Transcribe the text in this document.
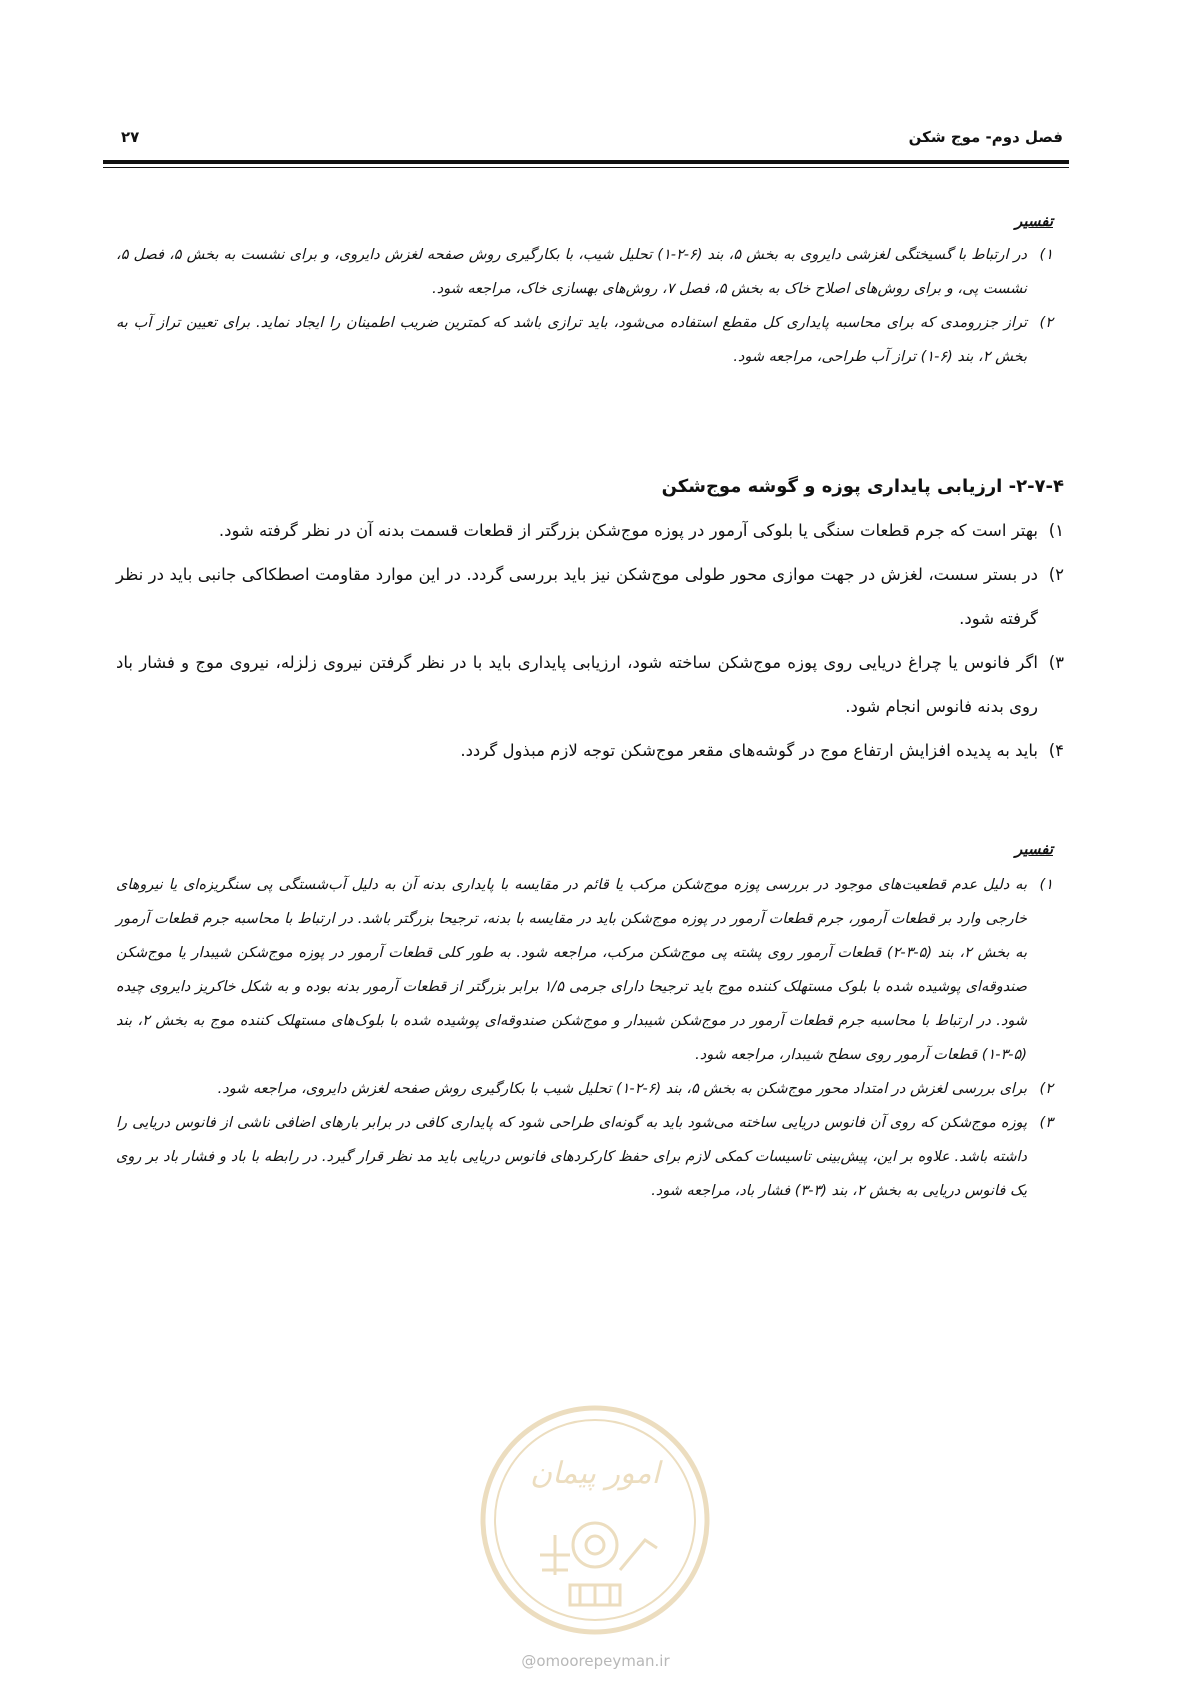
فصل دوم- موج شکن
۲۷

تفسیر

۱)
در ارتباط با گسیختگی لغزشی دایروی به بخش ۵، بند (۶-۲-۱) تحلیل شیب، با بکارگیری روش صفحه لغزش دایروی، و برای نشست به بخش ۵، فصل ۵، نشست پی، و برای روش‌های اصلاح خاک به بخش ۵، فصل ۷، روش‌های بهسازی خاک، مراجعه شود.
۲)
تراز جزرومدی که برای محاسبه پایداری کل مقطع استفاده می‌شود، باید ترازی باشد که کمترین ضریب اطمینان را ایجاد نماید. برای تعیین تراز آب به بخش ۲، بند (۶-۱) تراز آب طراحی، مراجعه شود.
۲-۷-۴- ارزیابی پایداری پوزه و گوشه موج‌شکن
۱)
بهتر است که جرم قطعات سنگی یا بلوکی آرمور در پوزه موج‌شکن بزرگتر از قطعات قسمت بدنه آن در نظر گرفته شود.
۲)
در بستر سست، لغزش در جهت موازی محور طولی موج‌شکن نیز باید بررسی گردد. در این موارد مقاومت اصطکاکی جانبی باید در نظر گرفته شود.
۳)
اگر فانوس یا چراغ دریایی روی پوزه موج‌شکن ساخته شود، ارزیابی پایداری باید با در نظر گرفتن نیروی زلزله، نیروی موج و فشار باد روی بدنه فانوس انجام شود.
۴)
باید به پدیده افزایش ارتفاع موج در گوشه‌های مقعر موج‌شکن توجه لازم مبذول گردد.

تفسیر

۱)
به دلیل عدم قطعیت‌های موجود در بررسی پوزه موج‌شکن مرکب یا قائم در مقایسه با پایداری بدنه آن به دلیل آب‌شستگی پی سنگریزه‌ای یا نیروهای خارجی وارد بر قطعات آرمور، جرم قطعات آرمور در پوزه موج‌شکن باید در مقایسه با بدنه، ترجیحا بزرگتر باشد. در ارتباط با محاسبه جرم قطعات آرمور به بخش ۲، بند (۵-۳-۲) قطعات آرمور روی پشته پی موج‌شکن مرکب، مراجعه شود. به طور کلی قطعات آرمور در پوزه موج‌شکن شیبدار یا موج‌شکن صندوقه‌ای پوشیده شده با بلوک مستهلک کننده موج باید ترجیحا دارای جرمی ۱/۵ برابر بزرگتر از قطعات آرمور بدنه بوده و به شکل خاکریز دایروی چیده شود. در ارتباط با محاسبه جرم قطعات آرمور در موج‌شکن شیبدار و موج‌شکن صندوقه‌ای پوشیده شده با بلوک‌های مستهلک کننده موج به بخش ۲، بند (۵-۳-۱) قطعات آرمور روی سطح شیبدار، مراجعه شود.
۲)
برای بررسی لغزش در امتداد محور موج‌شکن به بخش ۵، بند (۶-۲-۱) تحلیل شیب با بکارگیری روش صفحه لغزش دایروی، مراجعه شود.
۳)
پوزه موج‌شکن که روی آن فانوس دریایی ساخته می‌شود باید به گونه‌ای طراحی شود که پایداری کافی در برابر بارهای اضافی ناشی از فانوس دریایی را داشته باشد. علاوه بر این، پیش‌بینی تاسیسات کمکی لازم برای حفظ کارکردهای فانوس دریایی باید مد نظر قرار گیرد. در رابطه با باد و فشار باد بر روی یک فانوس دریایی به بخش ۲، بند (۳-۳) فشار باد، مراجعه شود.
امور پیمان
@omoorepeyman.ir
